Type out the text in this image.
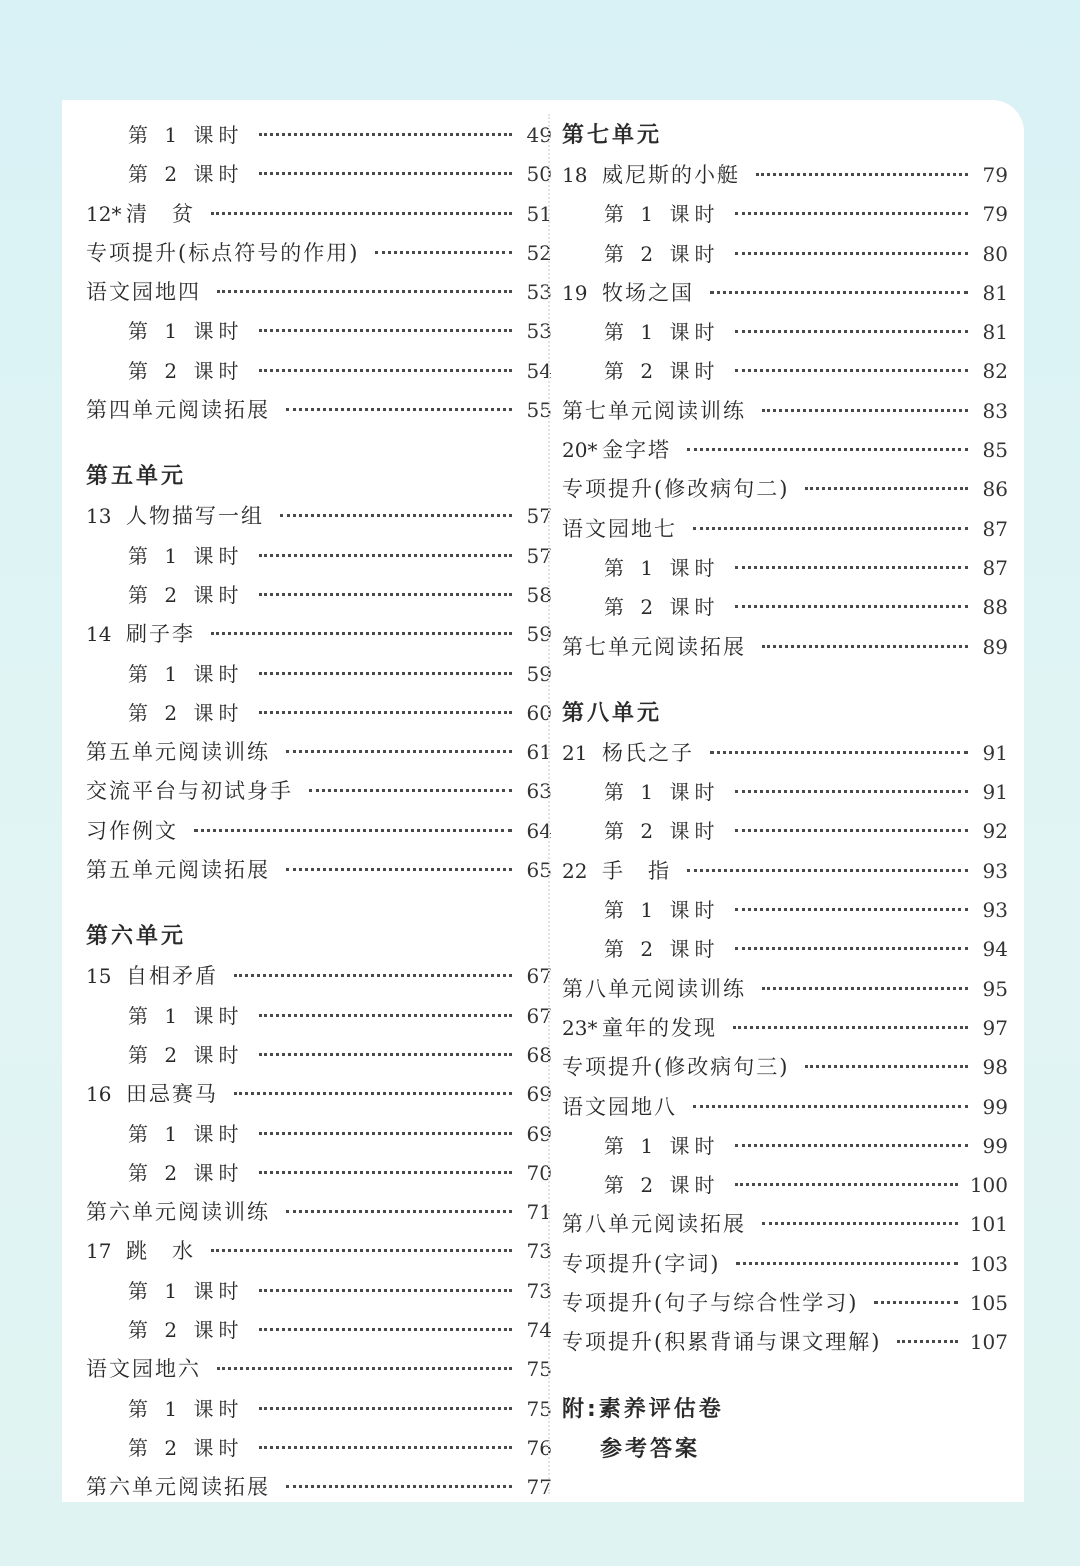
第 1 课时	49
第 2 课时	50
12* 清　贫	51
专项提升(标点符号的作用)	52
语文园地四	53
第 1 课时	53
第 2 课时	54
第四单元阅读拓展	55
第五单元
13 人物描写一组	57
第 1 课时	57
第 2 课时	58
14 刷子李	59
第 1 课时	59
第 2 课时	60
第五单元阅读训练	61
交流平台与初试身手	63
习作例文	64
第五单元阅读拓展	65
第六单元
15 自相矛盾	67
第 1 课时	67
第 2 课时	68
16 田忌赛马	69
第 1 课时	69
第 2 课时	70
第六单元阅读训练	71
17 跳　水	73
第 1 课时	73
第 2 课时	74
语文园地六	75
第 1 课时	75
第 2 课时	76
第六单元阅读拓展	77
第七单元
18 威尼斯的小艇	79
第 1 课时	79
第 2 课时	80
19 牧场之国	81
第 1 课时	81
第 2 课时	82
第七单元阅读训练	83
20* 金字塔	85
专项提升(修改病句二)	86
语文园地七	87
第 1 课时	87
第 2 课时	88
第七单元阅读拓展	89
第八单元
21 杨氏之子	91
第 1 课时	91
第 2 课时	92
22 手　指	93
第 1 课时	93
第 2 课时	94
第八单元阅读训练	95
23* 童年的发现	97
专项提升(修改病句三)	98
语文园地八	99
第 1 课时	99
第 2 课时	100
第八单元阅读拓展	101
专项提升(字词)	103
专项提升(句子与综合性学习)	105
专项提升(积累背诵与课文理解)	107
附:素养评估卷
参考答案
